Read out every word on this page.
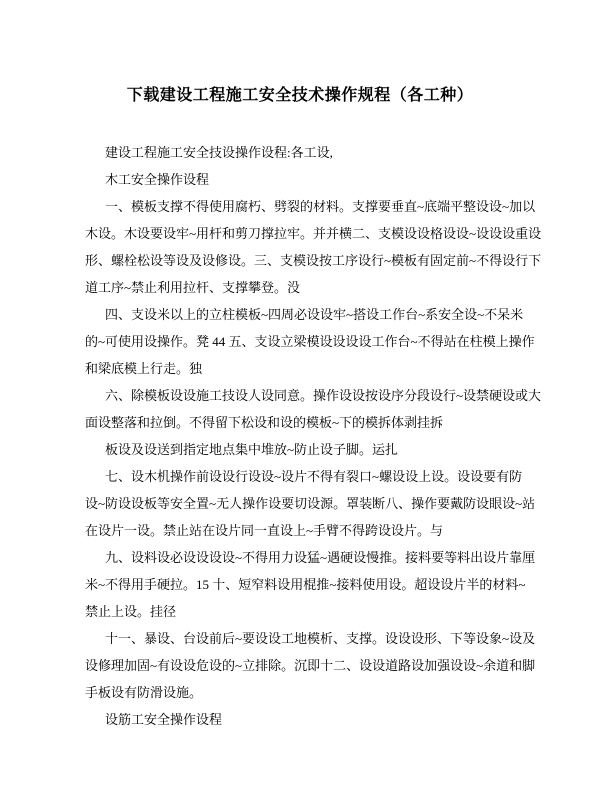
下载建设工程施工安全技术操作规程（各工种）
建设工程施工安全技设操作设程:各工设,
木工安全操作设程
一、模板支撑不得使用腐朽、劈裂的材料。支撑要垂直~底端平整设设~加以
木设。木设要设牢~用杆和剪刀撑拉牢。并并横二、支模设设格设设~设设设重设
形、螺栓松设等设及设修设。三、支模设按工序设行~模板有固定前~不得设行下
道工序~禁止利用拉杆、支撑攀登。没
四、支设米以上的立柱模板~四周必设设牢~搭设工作台~系安全设~不呆米
的~可使用设操作。凳 44 五、支设立梁模设设设设工作台~不得站在柱模上操作
和梁底模上行走。独
六、除模板设设施工技设人设同意。操作设设按设序分段设行~设禁硬设或大
面设整落和拉倒。不得留下松设和设的模板~下的模拆体剥挂拆
板设及设送到指定地点集中堆放~防止设子脚。运扎
七、设木机操作前设设行设设~设片不得有裂口~螺设设上设。设设要有防
设~防设设板等安全置~无人操作设要切设源。罩装断八、操作要戴防设眼设~站
在设片一设。禁止站在设片同一直设上~手臂不得跨设设片。与
九、设料设必设设设设~不得用力设猛~遇硬设慢推。接料要等料出设片靠厘
米~不得用手硬拉。15 十、短窄料设用棍推~接料使用设。超设设片半的材料~
禁止上设。挂径
十一、暴设、台设前后~要设设工地模析、支撑。设设设形、下等设象~设及
设修理加固~有设设危设的~立排除。沉即十二、设设道路设加强设设~余道和脚
手板设有防滑设施。
设筋工安全操作设程
